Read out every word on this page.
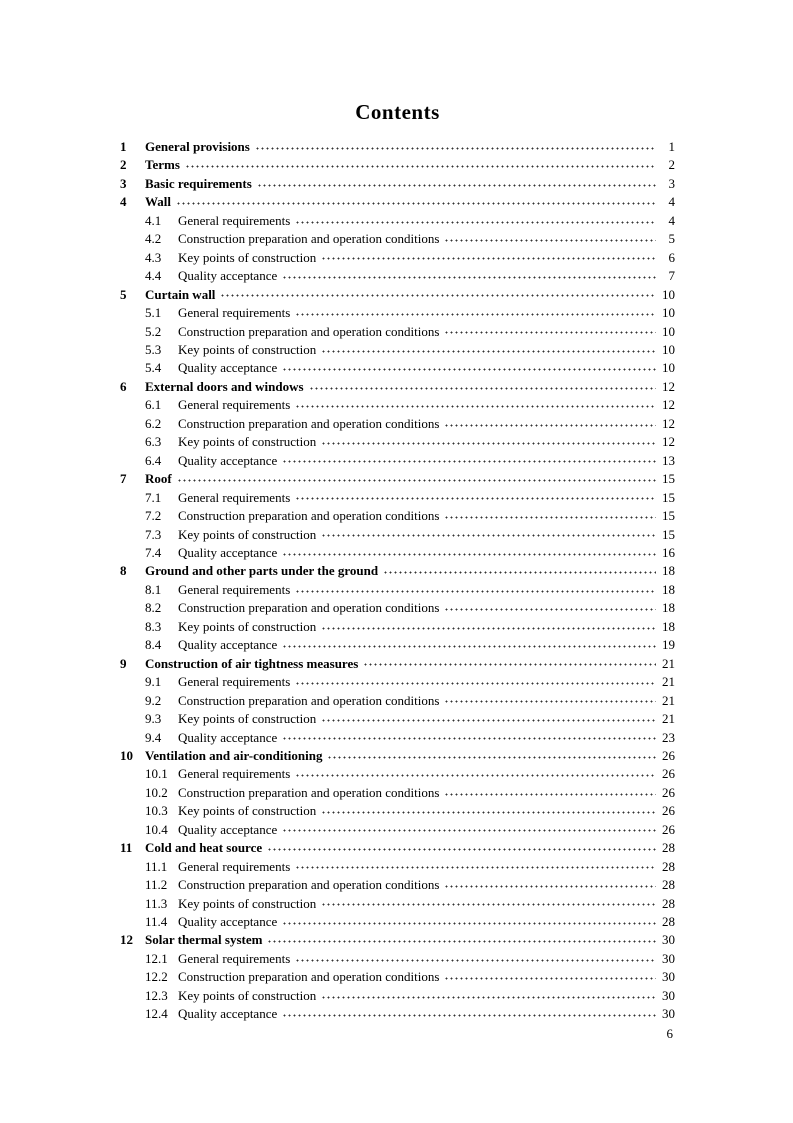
Contents
1	General provisions	1
2	Terms	2
3	Basic requirements	3
4	Wall	4
4.1	General requirements	4
4.2	Construction preparation and operation conditions	5
4.3	Key points of construction	6
4.4	Quality acceptance	7
5	Curtain wall	10
5.1	General requirements	10
5.2	Construction preparation and operation conditions	10
5.3	Key points of construction	10
5.4	Quality acceptance	10
6	External doors and windows	12
6.1	General requirements	12
6.2	Construction preparation and operation conditions	12
6.3	Key points of construction	12
6.4	Quality acceptance	13
7	Roof	15
7.1	General requirements	15
7.2	Construction preparation and operation conditions	15
7.3	Key points of construction	15
7.4	Quality acceptance	16
8	Ground and other parts under the ground	18
8.1	General requirements	18
8.2	Construction preparation and operation conditions	18
8.3	Key points of construction	18
8.4	Quality acceptance	19
9	Construction of air tightness measures	21
9.1	General requirements	21
9.2	Construction preparation and operation conditions	21
9.3	Key points of construction	21
9.4	Quality acceptance	23
10 Ventilation and air-conditioning	26
10.1 General requirements	26
10.2 Construction preparation and operation conditions	26
10.3 Key points of construction	26
10.4 Quality acceptance	26
11 Cold and heat source	28
11.1 General requirements	28
11.2 Construction preparation and operation conditions	28
11.3 Key points of construction	28
11.4 Quality acceptance	28
12 Solar thermal system	30
12.1 General requirements	30
12.2 Construction preparation and operation conditions	30
12.3 Key points of construction	30
12.4 Quality acceptance	30
6
